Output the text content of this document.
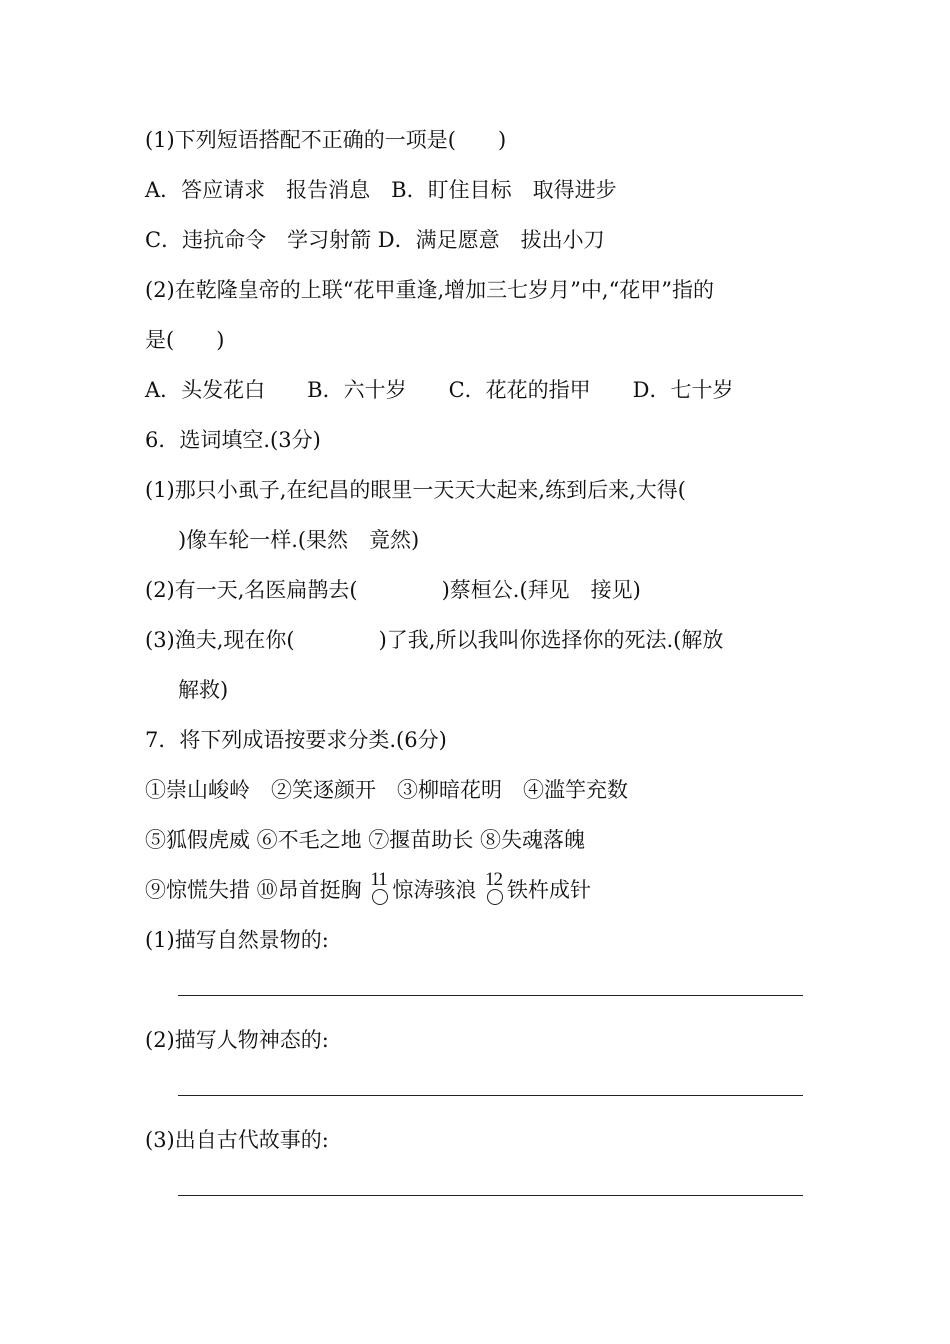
(1)下列短语搭配不正确的一项是(　　)
A．答应请求　报告消息　B．盯住目标　取得进步
C．违抗命令　学习射箭 D．满足愿意　拔出小刀
(2)在乾隆皇帝的上联“花甲重逢,增加三七岁月”中,“花甲”指的
是(　　)
A．头发花白　　B．六十岁　　C．花花的指甲　　D．七十岁
6．选词填空.(3分)
(1)那只小虱子,在纪昌的眼里一天天大起来,练到后来,大得(
)像车轮一样.(果然　竟然)
(2)有一天,名医扁鹊去(　　　　)蔡桓公.(拜见　接见)
(3)渔夫,现在你(　　　　)了我,所以我叫你选择你的死法.(解放
解救)
7．将下列成语按要求分类.(6分)
①崇山峻岭　②笑逐颜开　③柳暗花明　④滥竽充数
⑤狐假虎威 ⑥不毛之地 ⑦揠苗助长 ⑧失魂落魄
⑨惊慌失措 ⑩昂首挺胸 11 惊涛骇浪 12 铁杵成针
(1)描写自然景物的:
(2)描写人物神态的:
(3)出自古代故事的:
